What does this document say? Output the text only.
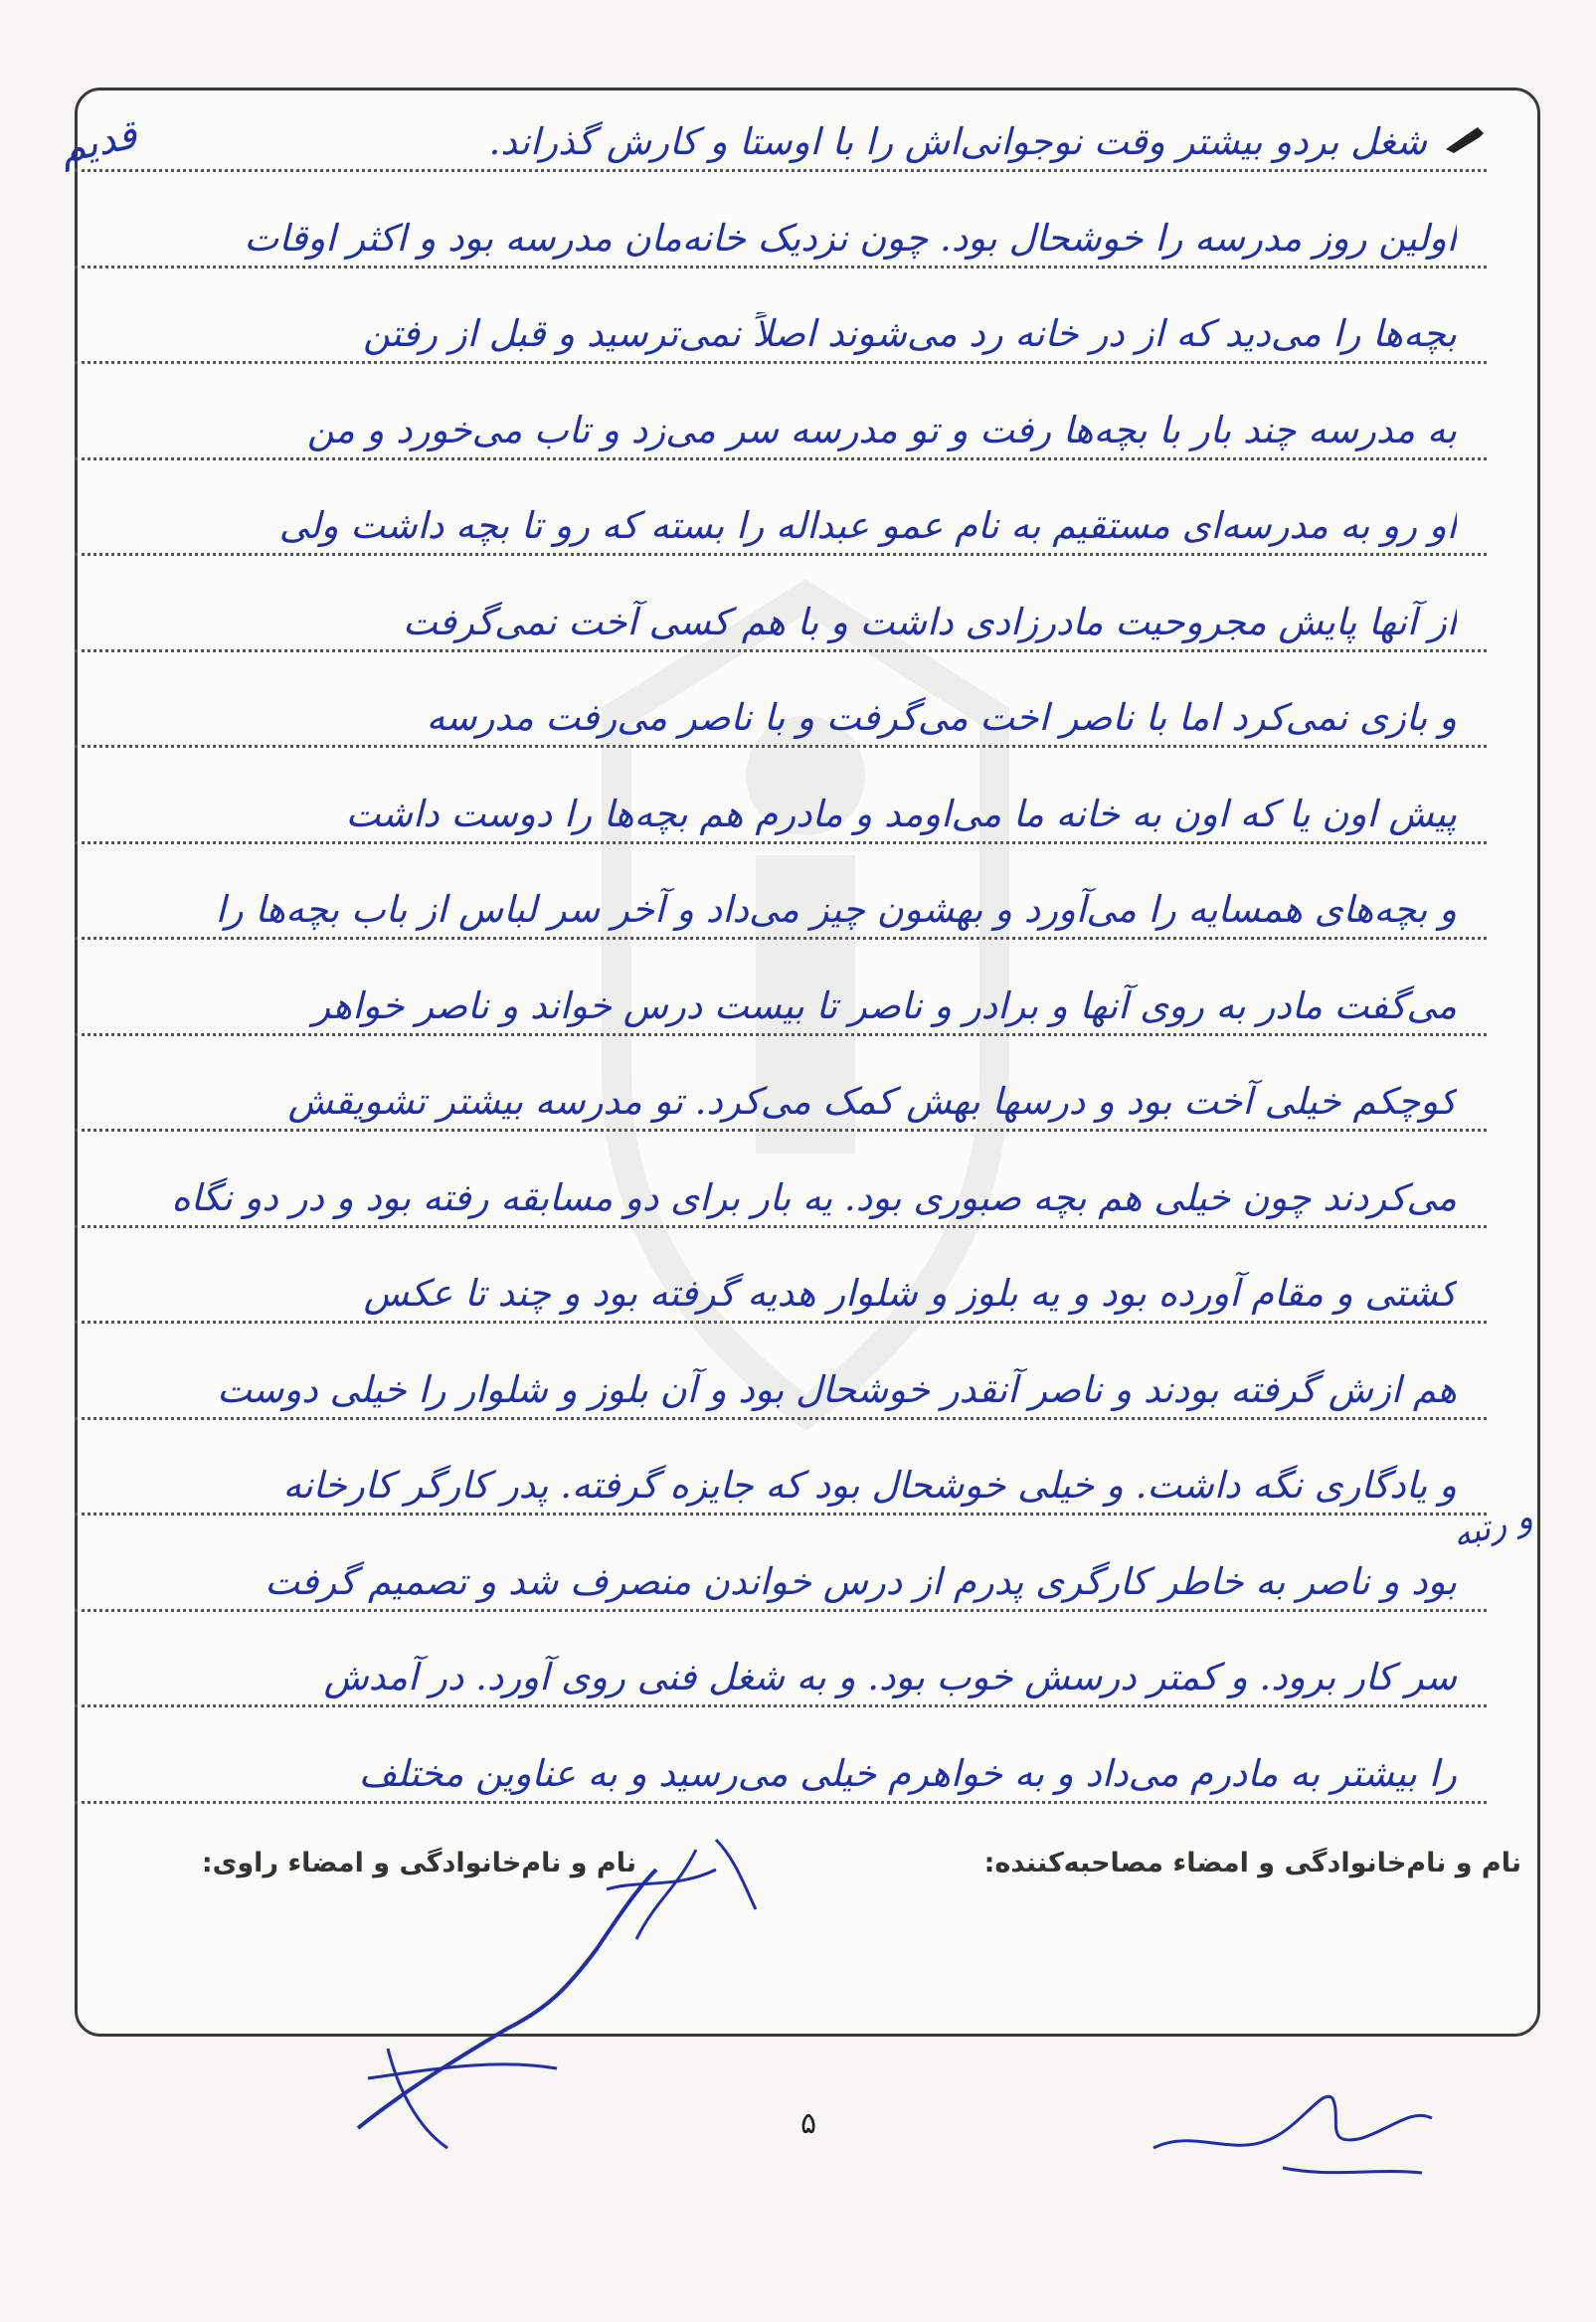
شغل بردو بیشتر وقت نوجوانی‌اش را با اوستا و کارش گذراند.
اولین روز مدرسه را خوشحال بود. چون نزدیک خانه‌مان مدرسه بود و اکثر اوقات
بچه‌ها را می‌دید که از در خانه رد می‌شوند اصلاً نمی‌ترسید و قبل از رفتن
به مدرسه چند بار با بچه‌ها رفت و تو مدرسه سر می‌زد و تاب می‌خورد و من
او رو به مدرسه‌ای مستقیم به نام عمو عبداله را بسته که رو تا بچه داشت ولی
از آنها پایش مجروحیت مادرزادی داشت و با هم کسی آخت نمی‌گرفت
و بازی نمی‌کرد اما با ناصر اخت می‌گرفت و با ناصر می‌رفت مدرسه
پیش اون یا که اون به خانه ما می‌اومد و مادرم هم بچه‌ها را دوست داشت
و بچه‌های همسایه را می‌آورد و بهشون چیز می‌داد و آخر سر لباس از باب بچه‌ها را
می‌گفت مادر به روی آنها و برادر و ناصر تا بیست درس خواند و ناصر خواهر
کوچکم خیلی آخت بود و درسها بهش کمک می‌کرد. تو مدرسه بیشتر تشویقش
می‌کردند چون خیلی هم بچه صبوری بود. یه بار برای دو مسابقه رفته بود و در دو نگاه
کشتی و مقام آورده بود و یه بلوز و شلوار هدیه گرفته بود و چند تا عکس
هم ازش گرفته بودند و ناصر آنقدر خوشحال بود و آن بلوز و شلوار را خیلی دوست
و یادگاری نگه داشت. و خیلی خوشحال بود که جایزه گرفته. پدر کارگر کارخانه
بود و ناصر به خاطر کارگری پدرم از درس خواندن منصرف شد و تصمیم گرفت
سر کار برود. و کمتر درسش خوب بود. و به شغل فنی روی آورد. در آمدش
را بیشتر به مادرم می‌داد و به خواهرم خیلی می‌رسید و به عناوین مختلف
قدیم
و رتبه
نام و نام‌خانوادگی و امضاء مصاحبه‌کننده:
نام و نام‌خانوادگی و امضاء راوی:
۵
